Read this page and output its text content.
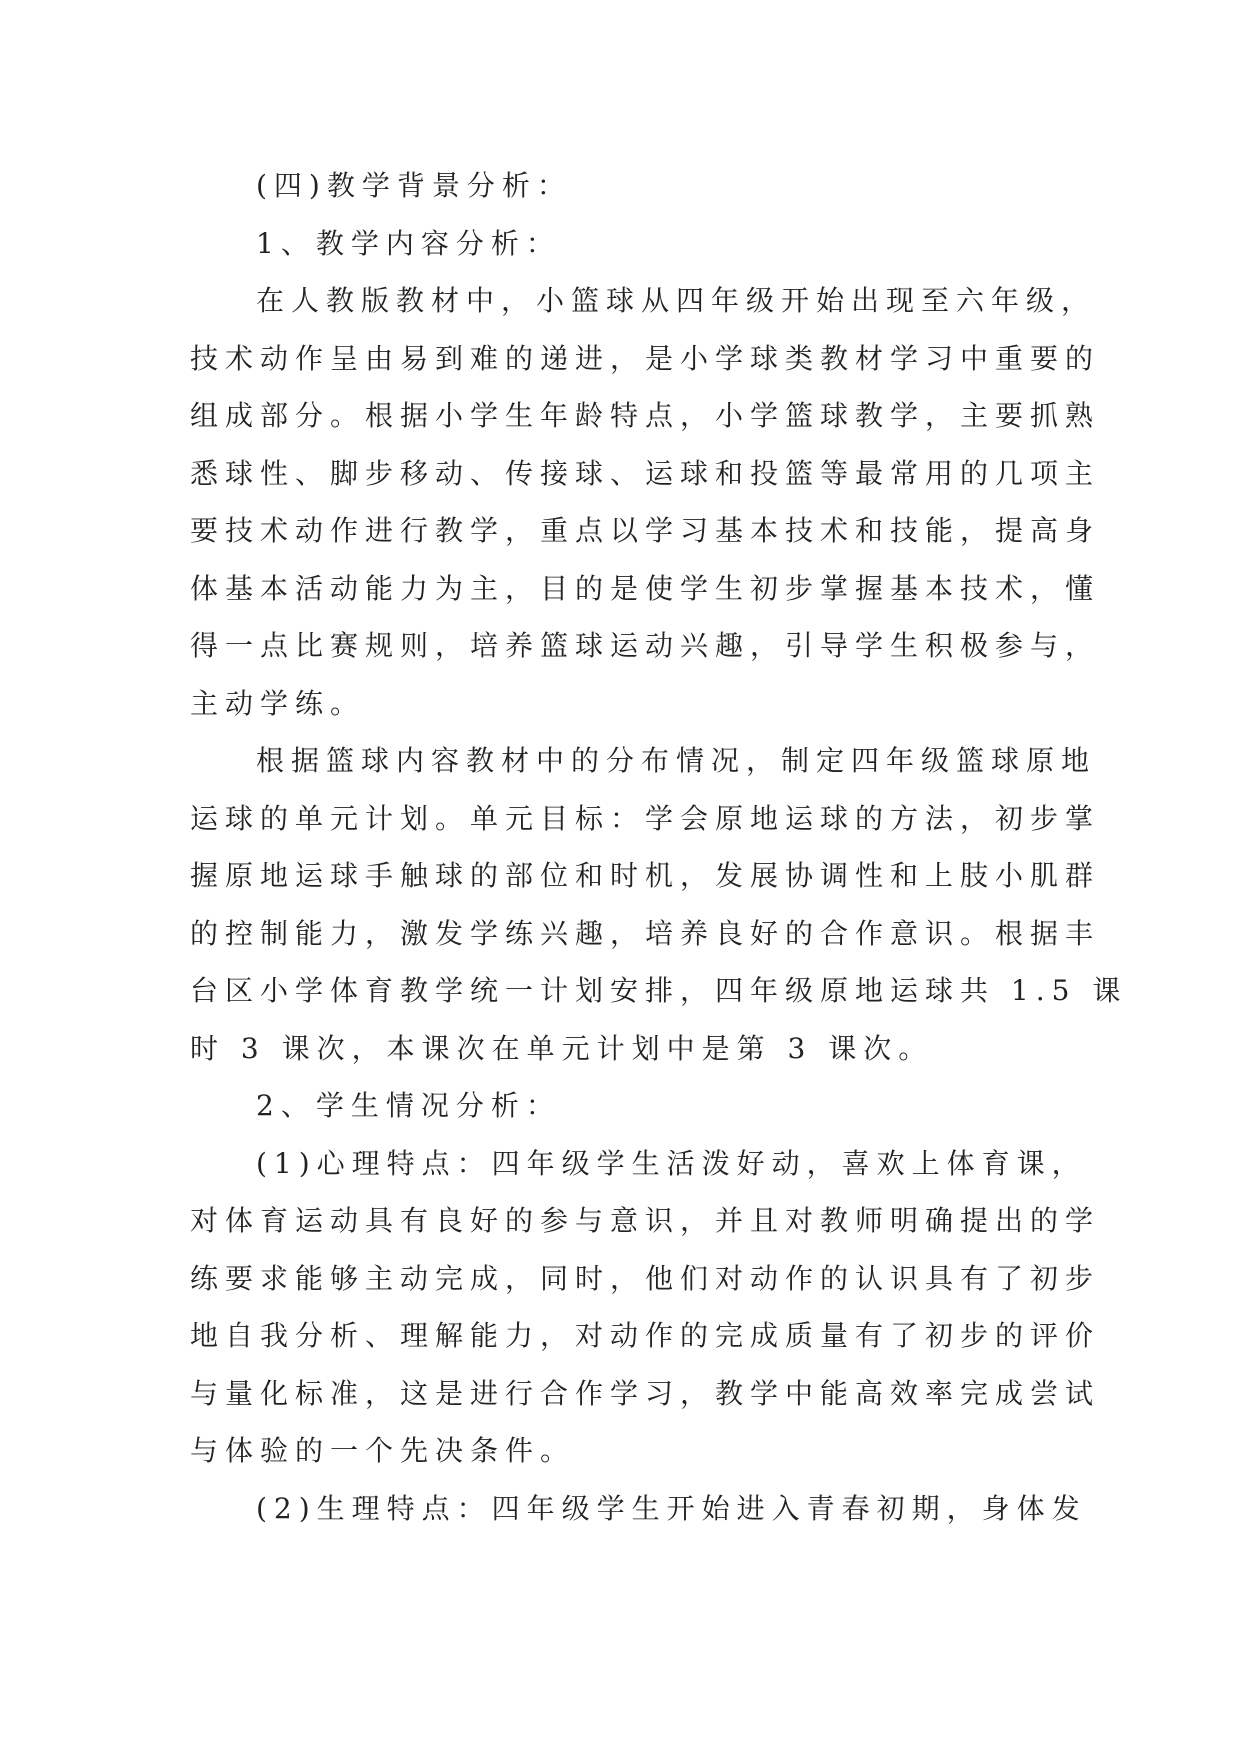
(四)教学背景分析：
1、教学内容分析：
在人教版教材中，小篮球从四年级开始出现至六年级，
技术动作呈由易到难的递进，是小学球类教材学习中重要的
组成部分。根据小学生年龄特点，小学篮球教学，主要抓熟
悉球性、脚步移动、传接球、运球和投篮等最常用的几项主
要技术动作进行教学，重点以学习基本技术和技能，提高身
体基本活动能力为主，目的是使学生初步掌握基本技术，懂
得一点比赛规则，培养篮球运动兴趣，引导学生积极参与，
主动学练。
根据篮球内容教材中的分布情况，制定四年级篮球原地
运球的单元计划。单元目标：学会原地运球的方法，初步掌
握原地运球手触球的部位和时机，发展协调性和上肢小肌群
的控制能力，激发学练兴趣，培养良好的合作意识。根据丰
台区小学体育教学统一计划安排，四年级原地运球共 1.5 课
时 3 课次，本课次在单元计划中是第 3 课次。
2、学生情况分析：
(1)心理特点：四年级学生活泼好动，喜欢上体育课，
对体育运动具有良好的参与意识，并且对教师明确提出的学
练要求能够主动完成，同时，他们对动作的认识具有了初步
地自我分析、理解能力，对动作的完成质量有了初步的评价
与量化标准，这是进行合作学习，教学中能高效率完成尝试
与体验的一个先决条件。
(2)生理特点：四年级学生开始进入青春初期，身体发
